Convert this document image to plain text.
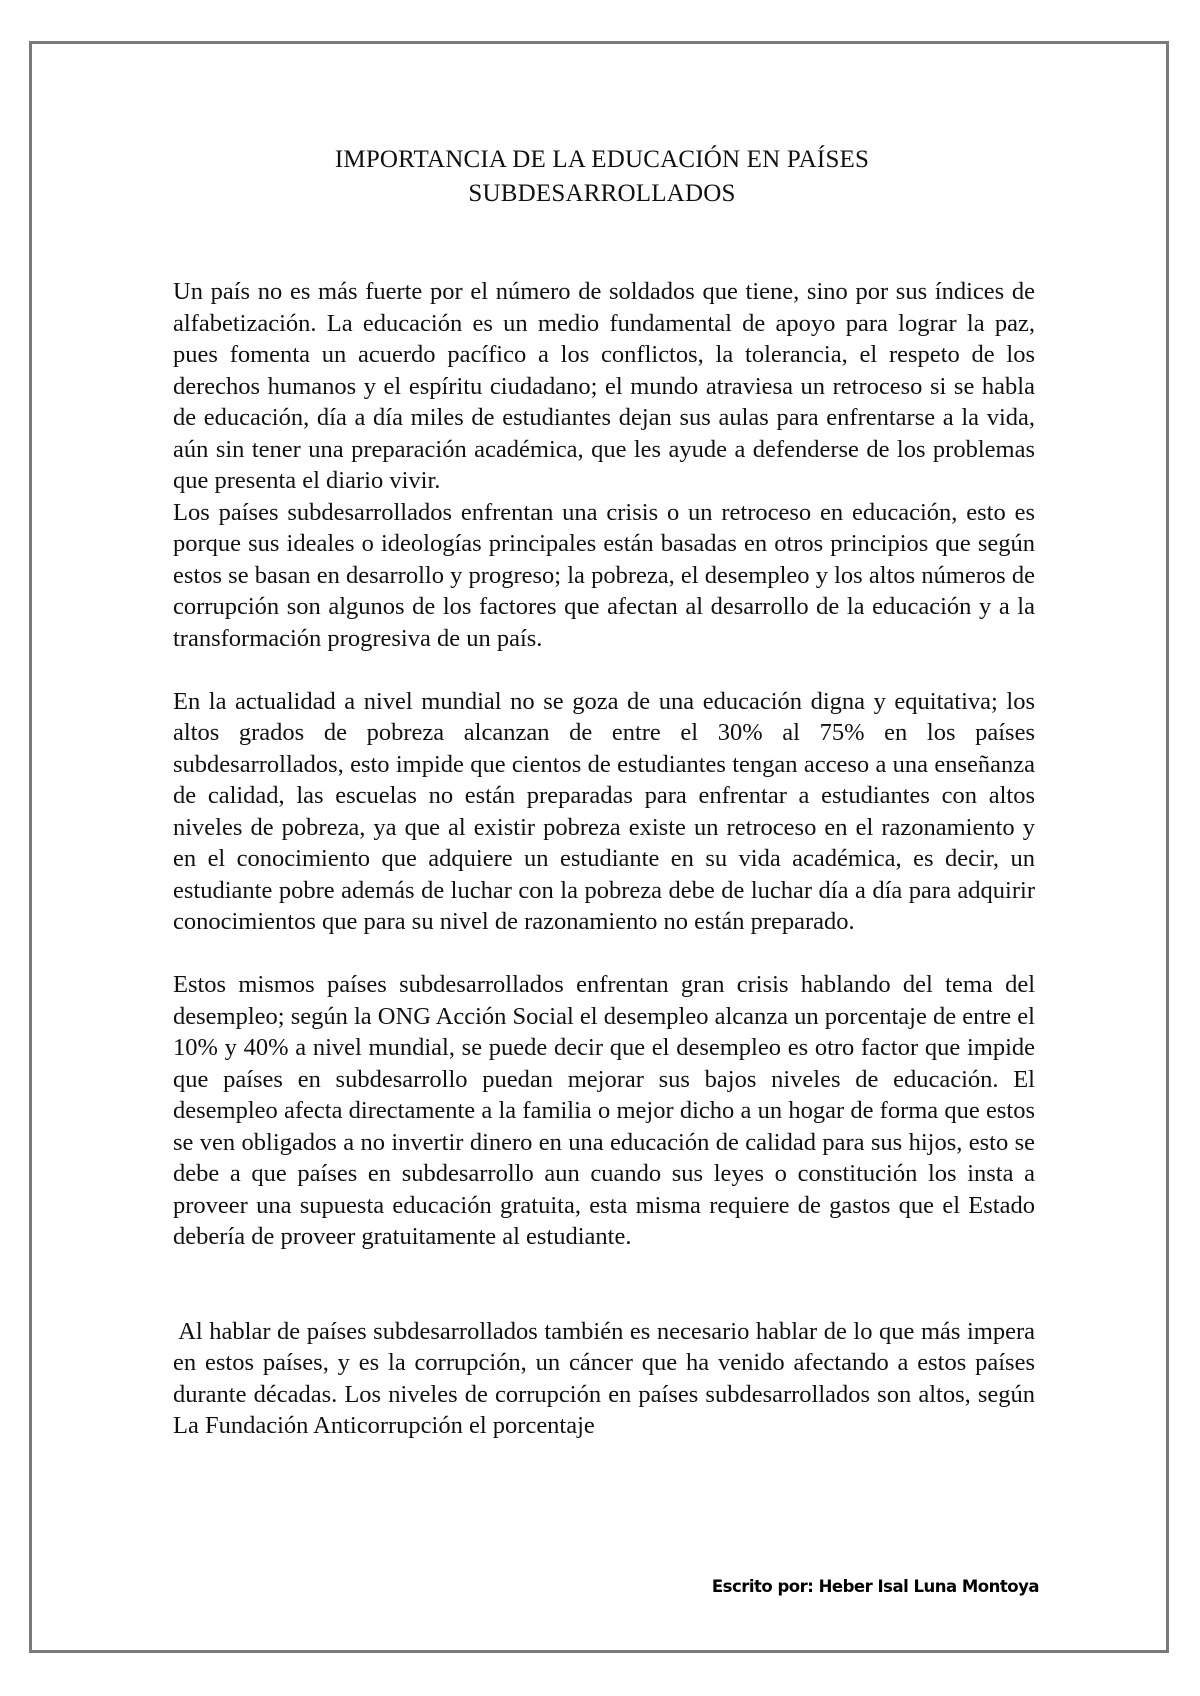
IMPORTANCIA DE LA EDUCACIÓN EN PAÍSES
SUBDESARROLLADOS

Un país no es más fuerte por el número de soldados que tiene, sino por sus índices de alfabetización. La educación es un medio fundamental de apoyo para lograr la paz, pues fomenta un acuerdo pacífico a los conflictos, la tolerancia, el respeto de los derechos humanos y el espíritu ciudadano; el mundo atraviesa un retroceso si se habla de educación, día a día miles de estudiantes dejan sus aulas para enfrentarse a la vida, aún sin tener una preparación académica, que les ayude a defenderse de los problemas que presenta el diario vivir.

Los países subdesarrollados enfrentan una crisis o un retroceso en educación, esto es porque sus ideales o ideologías principales están basadas en otros principios que según estos se basan en desarrollo y progreso; la pobreza, el desempleo y los altos números de corrupción son algunos de los factores que afectan al desarrollo de la educación y a la transformación progresiva de un país.

En la actualidad a nivel mundial no se goza de una educación digna y equitativa; los altos grados de pobreza alcanzan de entre el 30% al 75% en los países subdesarrollados, esto impide que cientos de estudiantes tengan acceso a una enseñanza de calidad, las escuelas no están preparadas para enfrentar a estudiantes con altos niveles de pobreza, ya que al existir pobreza existe un retroceso en el razonamiento y en el conocimiento que adquiere un estudiante en su vida académica, es decir, un estudiante pobre además de luchar con la pobreza debe de luchar día a día para adquirir conocimientos que para su nivel de razonamiento no están preparado.

Estos mismos países subdesarrollados enfrentan gran crisis hablando del tema del desempleo; según la ONG Acción Social el desempleo alcanza un porcentaje de entre el 10% y 40% a nivel mundial, se puede decir que el desempleo es otro factor que impide que países en subdesarrollo puedan mejorar sus bajos niveles de educación. El desempleo afecta directamente a la familia o mejor dicho a un hogar de forma que estos se ven obligados a no invertir dinero en una educación de calidad para sus hijos, esto se debe a que países en subdesarrollo aun cuando sus leyes o constitución los insta a proveer una supuesta educación gratuita, esta misma requiere de gastos que el Estado debería de proveer gratuitamente al estudiante.

Al hablar de países subdesarrollados también es necesario hablar de lo que más impera en estos países, y es la corrupción, un cáncer que ha venido afectando a estos países durante décadas. Los niveles de corrupción en países subdesarrollados son altos, según La Fundación Anticorrupción el porcentaje

Escrito por: Heber Isal Luna Montoya
